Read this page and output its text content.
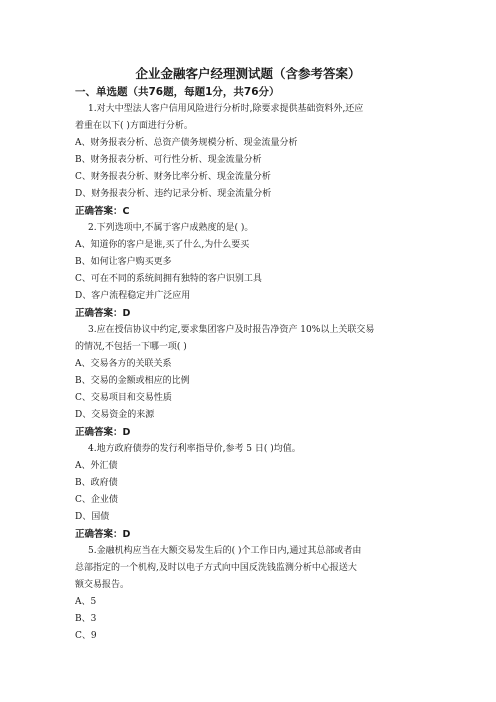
企业金融客户经理测试题（含参考答案）
一、单选题（共76题，每题1分，共76分）
1.对大中型法人客户信用风险进行分析时,除要求提供基础资料外,还应
着重在以下( )方面进行分析。
A、财务报表分析、总资产债务规模分析、现金流量分析
B、财务报表分析、可行性分析、现金流量分析
C、财务报表分析、财务比率分析、现金流量分析
D、财务报表分析、违约记录分析、现金流量分析
正确答案：C
2.下列选项中,不属于客户成熟度的是( )。
A、知道你的客户是谁,买了什么,为什么要买
B、如何让客户购买更多
C、可在不同的系统间拥有独特的客户识别工具
D、客户流程稳定并广泛应用
正确答案：D
3.应在授信协议中约定,要求集团客户及时报告净资产 10%以上关联交易
的情况,不包括一下哪一项( )
A、交易各方的关联关系
B、交易的金额或相应的比例
C、交易项目和交易性质
D、交易资金的来源
正确答案：D
4.地方政府债券的发行利率指导价,参考 5 日( )均值。
A、外汇债
B、政府债
C、企业债
D、国债
正确答案：D
5.金融机构应当在大额交易发生后的( )个工作日内,通过其总部或者由
总部指定的一个机构,及时以电子方式向中国反洗钱监测分析中心报送大
额交易报告。
A、5
B、3
C、9
